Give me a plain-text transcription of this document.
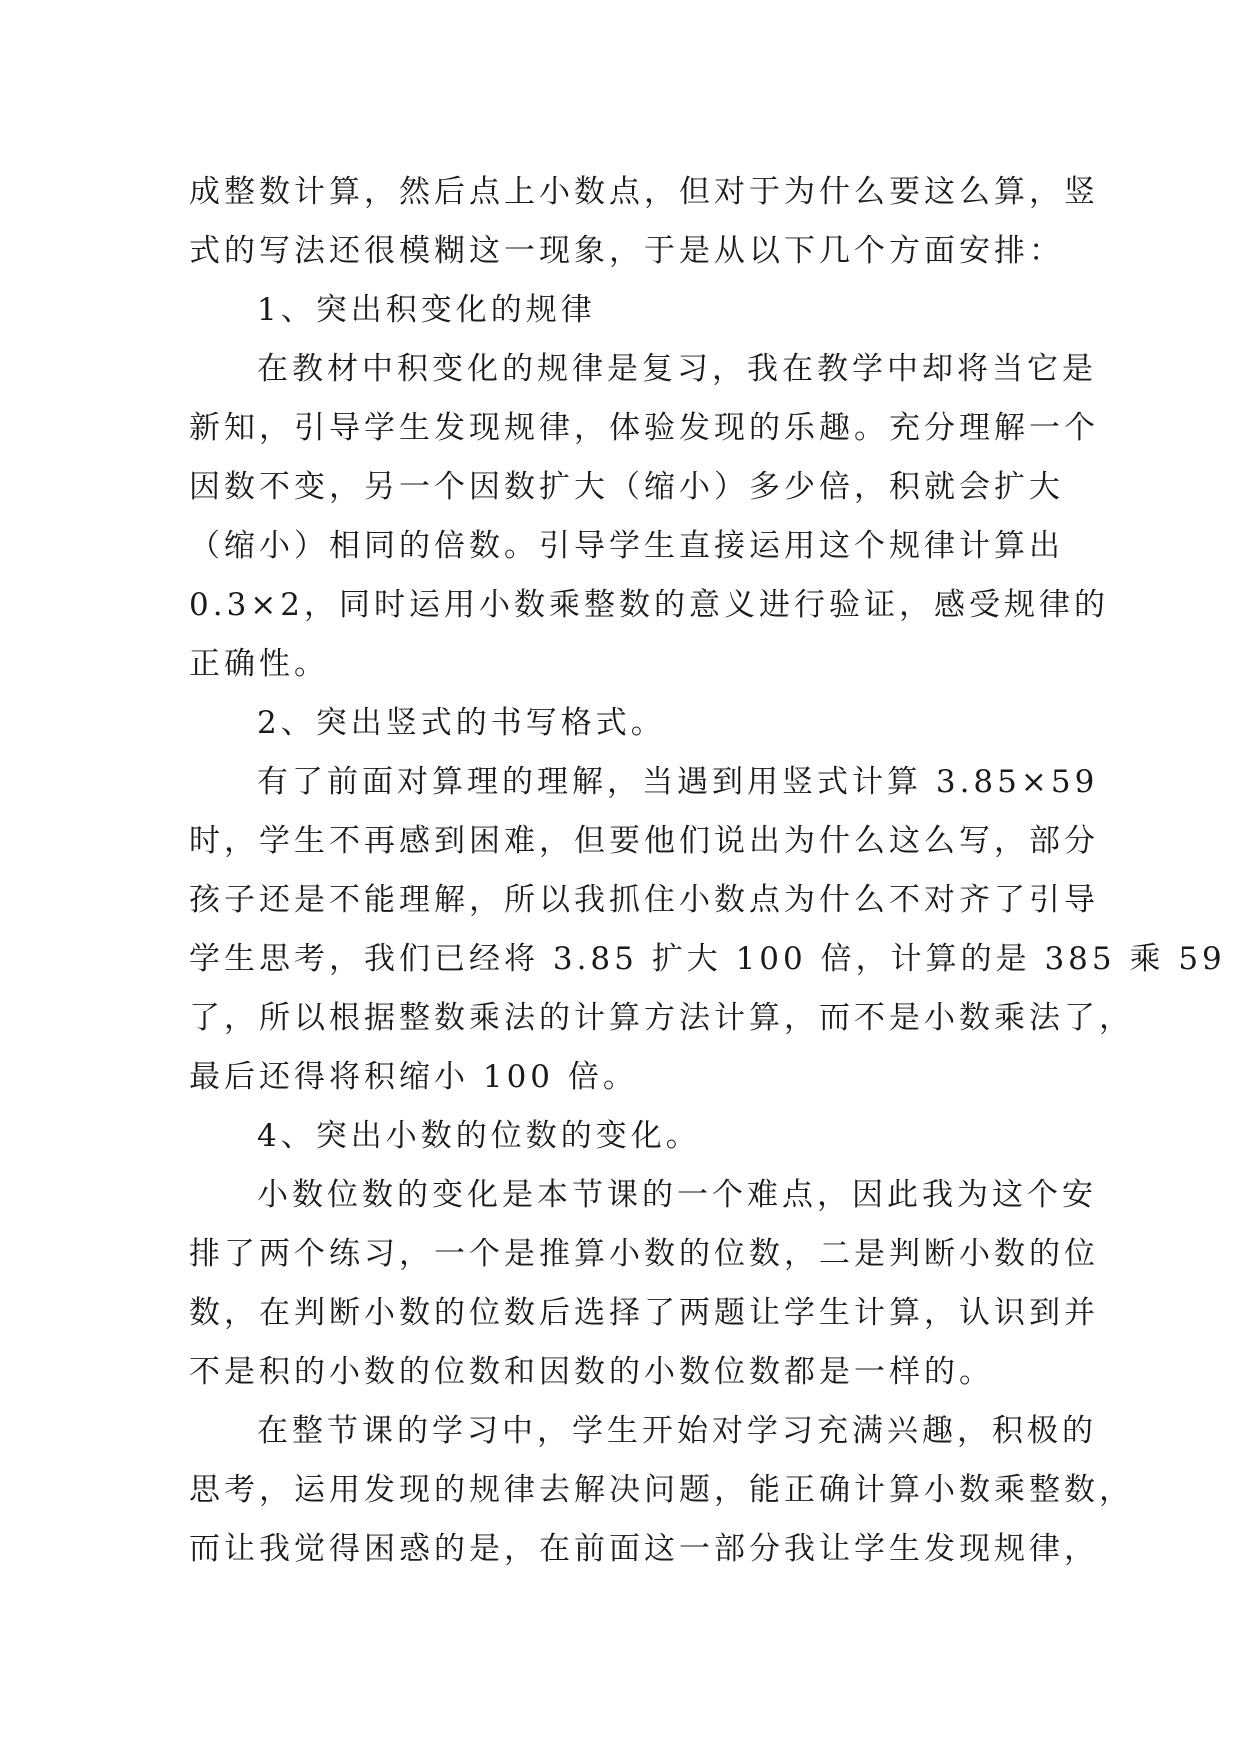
成整数计算，然后点上小数点，但对于为什么要这么算，竖
式的写法还很模糊这一现象，于是从以下几个方面安排：
1、突出积变化的规律
在教材中积变化的规律是复习，我在教学中却将当它是
新知，引导学生发现规律，体验发现的乐趣。充分理解一个
因数不变，另一个因数扩大（缩小）多少倍，积就会扩大
（缩小）相同的倍数。引导学生直接运用这个规律计算出
0.3×2，同时运用小数乘整数的意义进行验证，感受规律的
正确性。
2、突出竖式的书写格式。
有了前面对算理的理解，当遇到用竖式计算 3.85×59
时，学生不再感到困难，但要他们说出为什么这么写，部分
孩子还是不能理解，所以我抓住小数点为什么不对齐了引导
学生思考，我们已经将 3.85 扩大 100 倍，计算的是 385 乘 59
了，所以根据整数乘法的计算方法计算，而不是小数乘法了，
最后还得将积缩小 100 倍。
4、突出小数的位数的变化。
小数位数的变化是本节课的一个难点，因此我为这个安
排了两个练习，一个是推算小数的位数，二是判断小数的位
数，在判断小数的位数后选择了两题让学生计算，认识到并
不是积的小数的位数和因数的小数位数都是一样的。
在整节课的学习中，学生开始对学习充满兴趣，积极的
思考，运用发现的规律去解决问题，能正确计算小数乘整数，
而让我觉得困惑的是，在前面这一部分我让学生发现规律，
